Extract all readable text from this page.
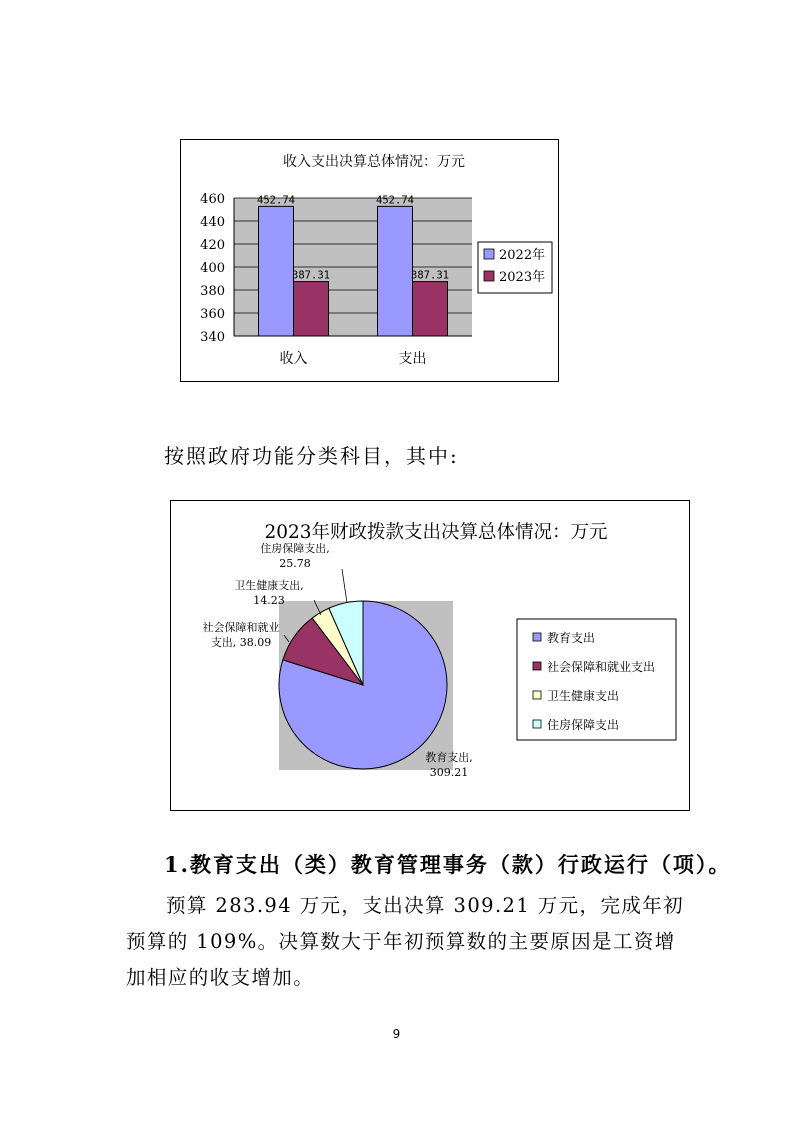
收入支出决算总体情况：万元
460
440
420
400
380
360
340
452.74
387.31
452.74
387.31
收入	支出
2022年
2023年
按照政府功能分类科目，其中:
2023年财政拨款支出决算总体情况：万元
教育支出,
309.21
社会保障和就业
支出, 38.09
卫生健康支出,
14.23
住房保障支出,
25.78
教育支出
社会保障和就业支出
卫生健康支出
住房保障支出
1.教育支出（类）教育管理事务（款）行政运行（项）。
预算 283.94 万元，支出决算 309.21 万元，完成年初预算的 109%。决算数大于年初预算数的主要原因是工资增加相应的收支增加。
9
